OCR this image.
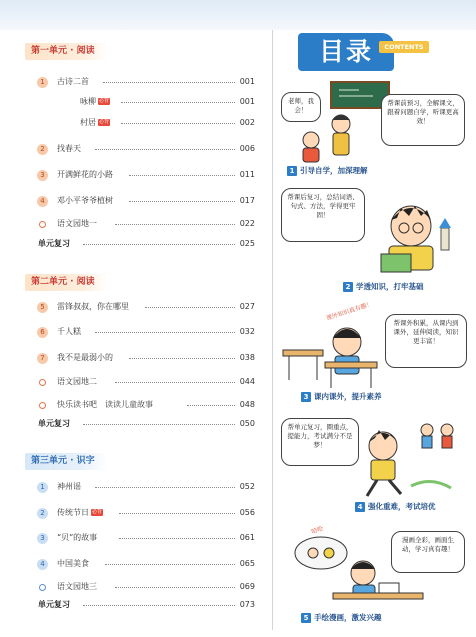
第一单元 · 阅读
1	古诗二首	001
咏柳 必背	001
村居 必背	002
2	找春天	006
3	开满鲜花的小路	011
4	邓小平爷爷植树	017
语文园地一	022
单元复习	025
第二单元 · 阅读
5	雷锋叔叔，你在哪里	027
6	千人糕	032
7	我不是最弱小的	038
语文园地二	044
快乐读书吧　读读儿童故事	048
单元复习	050
第三单元 · 识字
1	神州谣	052
2	传统节日 必背	056
3	“贝”的故事	061
4	中国美食	065
语文园地三	069
单元复习	073
目录	CONTENTS
老师，我会！
帮课前预习，全解课文，跟着问题自学，听课更高效！
1 引导自学，加深理解
帮课后复习，总结词语、句式、方法，学得更牢固！
2 学透知识，打牢基础
课外知识真有趣！
帮课外积累，从课内到课外，延伸阅读，知识更丰富！
3 课内课外，提升素养
帮单元复习，圈重点，提能力，考试满分不是梦！
4 强化重难，考试培优
哈哈
漫画全彩，画面生动，学习真有趣！
5 手绘漫画，激发兴趣
